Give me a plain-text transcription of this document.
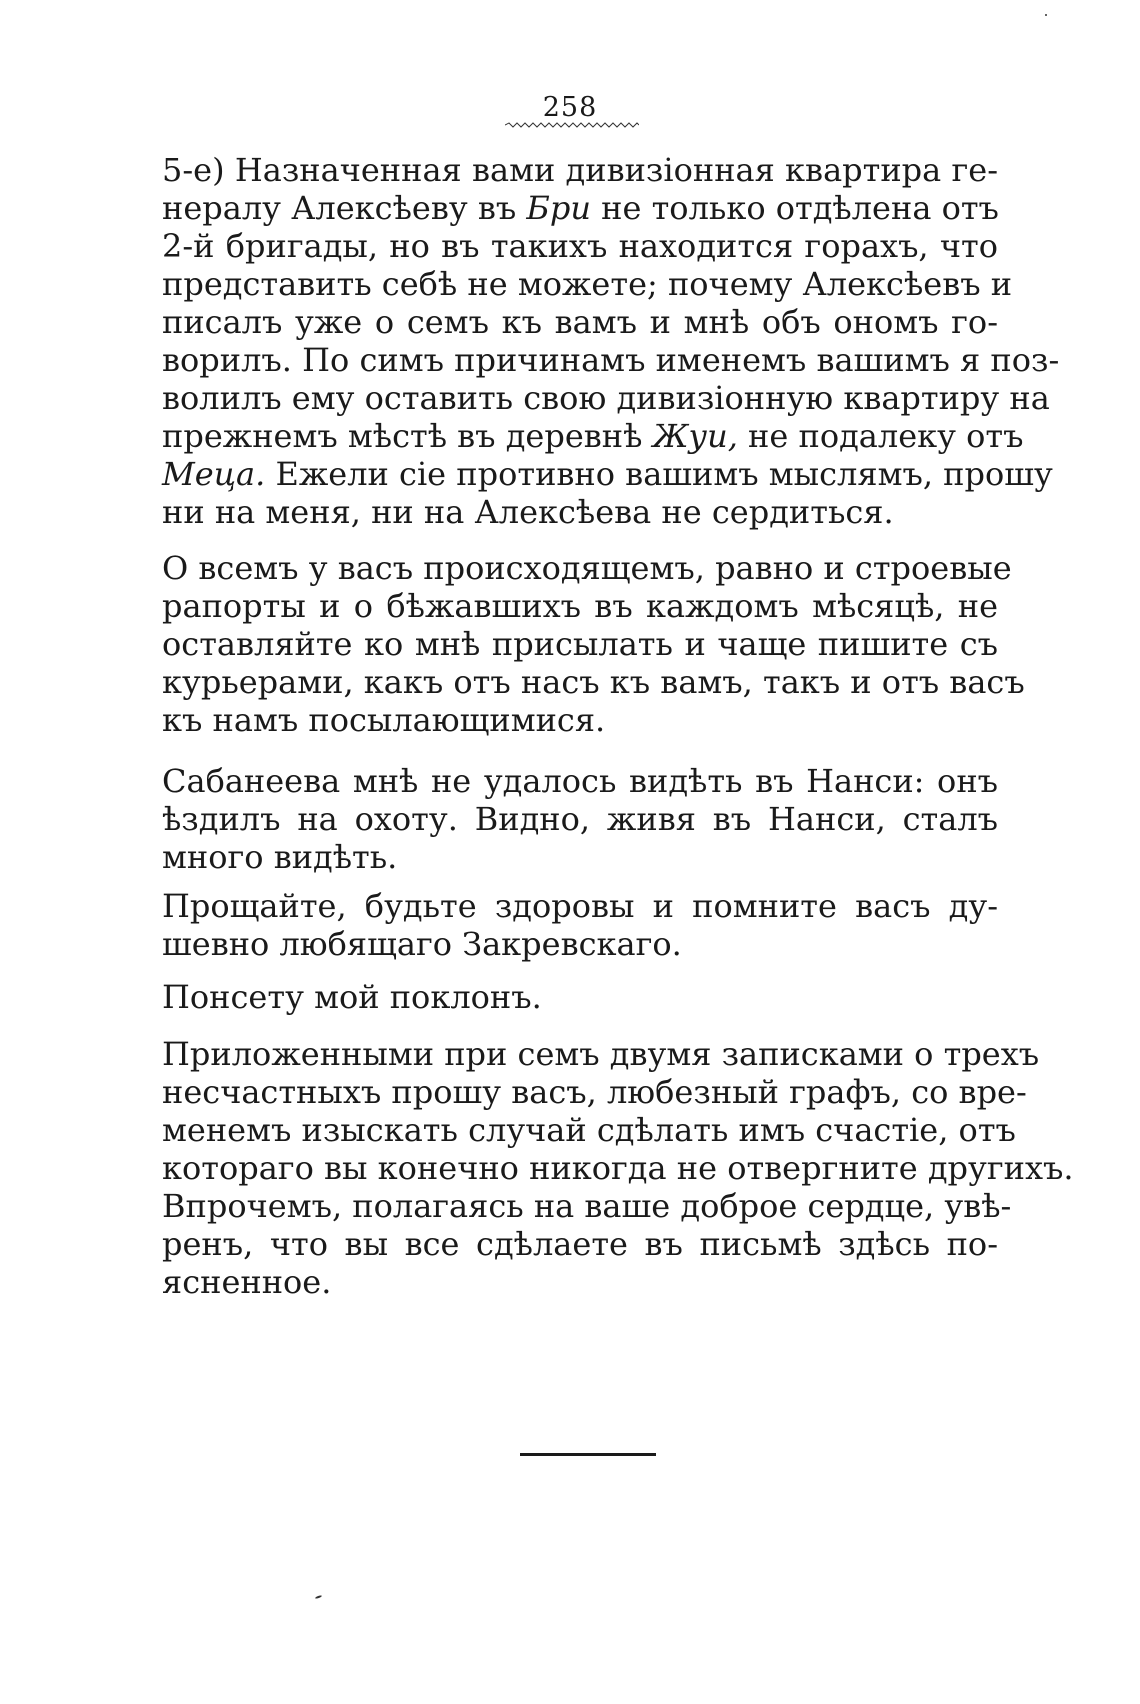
258
5-е) Назначенная вами дивизіонная квартира ге-
нералу Алексѣеву въ Бри не только отдѣлена отъ
2-й бригады, но въ такихъ находится горахъ, что
представить себѣ не можете; почему Алексѣевъ и
писалъ уже о семъ къ вамъ и мнѣ объ ономъ го-
ворилъ. По симъ причинамъ именемъ вашимъ я поз-
волилъ ему оставить свою дивизіонную квартиру на
прежнемъ мѣстѣ въ деревнѣ Жуи, не подалеку отъ
Меца. Ежели сіе противно вашимъ мыслямъ, прошу
ни на меня, ни на Алексѣева не сердиться.
О всемъ у васъ происходящемъ, равно и строевые
рапорты и о бѣжавшихъ въ каждомъ мѣсяцѣ, не
оставляйте ко мнѣ присылать и чаще пишите съ
курьерами, какъ отъ насъ къ вамъ, такъ и отъ васъ
къ намъ посылающимися.
Сабанеева мнѣ не удалось видѣть въ Нанси: онъ
ѣздилъ на охоту. Видно, живя въ Нанси, сталъ
много видѣть.
Прощайте, будьте здоровы и помните васъ ду-
шевно любящаго Закревскаго.
Понсету мой поклонъ.
Приложенными при семъ двумя записками о трехъ
несчастныхъ прошу васъ, любезный графъ, со вре-
менемъ изыскать случай сдѣлать имъ счастіе, отъ
котораго вы конечно никогда не отвергните другихъ.
Впрочемъ, полагаясь на ваше доброе сердце, увѣ-
ренъ, что вы все сдѣлаете въ письмѣ здѣсь по-
ясненное.
